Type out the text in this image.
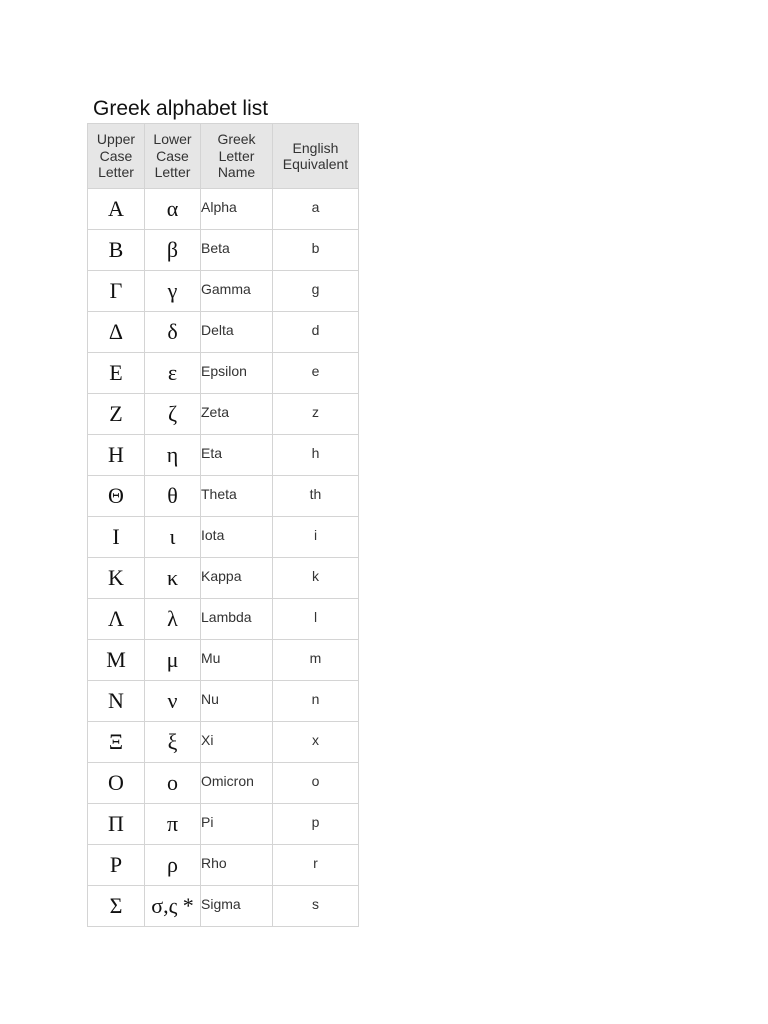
Greek alphabet list
Upper Case Letter	Lower Case Letter	Greek Letter Name	English Equivalent
Α	α	Alpha	a
Β	β	Beta	b
Γ	γ	Gamma	g
Δ	δ	Delta	d
Ε	ε	Epsilon	e
Ζ	ζ	Zeta	z
Η	η	Eta	h
Θ	θ	Theta	th
Ι	ι	Iota	i
Κ	κ	Kappa	k
Λ	λ	Lambda	l
Μ	μ	Mu	m
Ν	ν	Nu	n
Ξ	ξ	Xi	x
Ο	ο	Omicron	o
Π	π	Pi	p
Ρ	ρ	Rho	r
Σ	σ,ς *	Sigma	s
